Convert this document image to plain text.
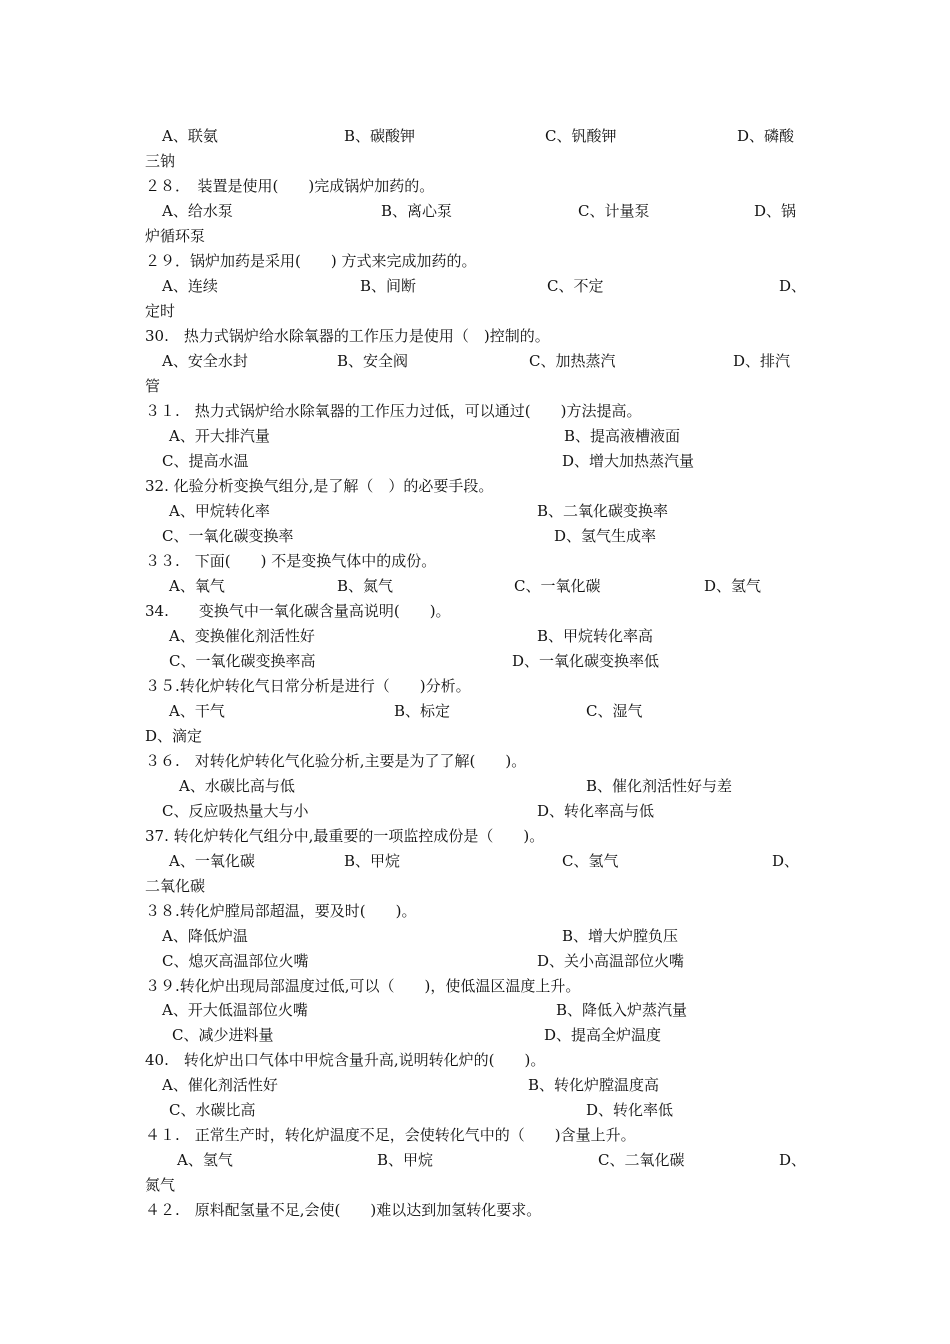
A、联氨	B、碳酸钾	C、钒酸钾	D、磷酸
三钠
２８．　装置是使用(　　)完成锅炉加药的。
A、给水泵	B、离心泵	C、计量泵	D、锅
炉循环泵
２９．锅炉加药是采用(　　) 方式来完成加药的。
A、连续	B、间断	C、不定	D、
定时
30.　热力式锅炉给水除氧器的工作压力是使用（　)控制的。
A、安全水封	B、安全阀	C、加热蒸汽	D、排汽
管
３１.　热力式锅炉给水除氧器的工作压力过低，可以通过(　　)方法提高。
A、开大排汽量	B、提高液槽液面
C、提高水温	D、增大加热蒸汽量
32. 化验分析变换气组分,是了解（　）的必要手段。
A、甲烷转化率	B、二氧化碳变换率
C、一氧化碳变换率	D、氢气生成率
３３.　下面(　　) 不是变换气体中的成份。
A、氧气	B、氮气	C、一氧化碳	D、氢气
34.　　变换气中一氧化碳含量高说明(　　)。
A、变换催化剂活性好	B、甲烷转化率高
C、一氧化碳变换率高	D、一氧化碳变换率低
３５.转化炉转化气日常分析是进行（　　)分析。
A、干气	B、标定	C、湿气
D、滴定
３６.　对转化炉转化气化验分析,主要是为了了解(　　)。
A、水碳比高与低	B、催化剂活性好与差
C、反应吸热量大与小	D、转化率高与低
37. 转化炉转化气组分中,最重要的一项监控成份是（　　)。
A、一氧化碳	B、甲烷	C、氢气	D、
二氧化碳
３８.转化炉膛局部超温，要及时(　　)。
A、降低炉温	B、增大炉膛负压
C、熄灭高温部位火嘴	D、关小高温部位火嘴
３９.转化炉出现局部温度过低,可以（　　)，使低温区温度上升。
A、开大低温部位火嘴	B、降低入炉蒸汽量
C、减少进料量	D、提高全炉温度
40.　转化炉出口气体中甲烷含量升高,说明转化炉的(　　)。
A、催化剂活性好	B、转化炉膛温度高
C、水碳比高	D、转化率低
４１.　正常生产时，转化炉温度不足，会使转化气中的（　　)含量上升。
A、氢气	B、甲烷	C、二氧化碳	D、
氮气
４２.　原料配氢量不足,会使(　　)难以达到加氢转化要求。
